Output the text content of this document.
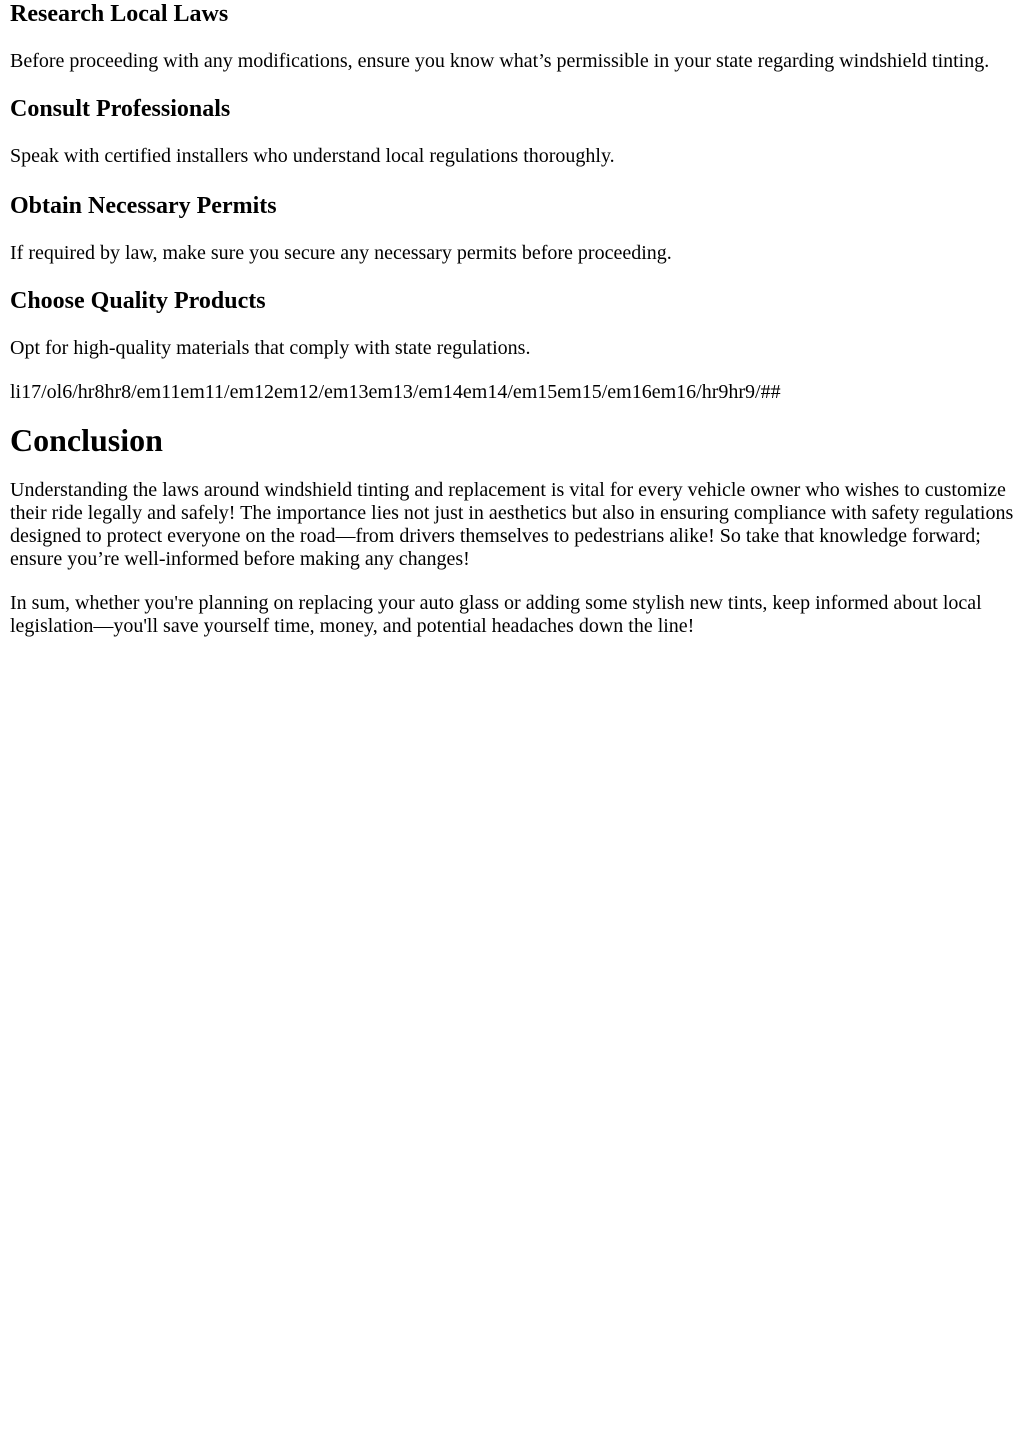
Research Local Laws

Before proceeding with any modifications, ensure you know what’s permissible in your state regarding windshield tinting.

Consult Professionals

Speak with certified installers who understand local regulations thoroughly.

Obtain Necessary Permits

If required by law, make sure you secure any necessary permits before proceeding.

Choose Quality Products

Opt for high-quality materials that comply with state regulations.

li17/ol6/hr8hr8/em11em11/em12em12/em13em13/em14em14/em15em15/em16em16/hr9hr9/##

Conclusion

Understanding the laws around windshield tinting and replacement is vital for every vehicle owner who wishes to customize their ride legally and safely! The importance lies not just in aesthetics but also in ensuring compliance with safety regulations designed to protect everyone on the road—from drivers themselves to pedestrians alike! So take that knowledge forward; ensure you’re well-informed before making any changes!

In sum, whether you're planning on replacing your auto glass or adding some stylish new tints, keep informed about local legislation—you'll save yourself time, money, and potential headaches down the line!
